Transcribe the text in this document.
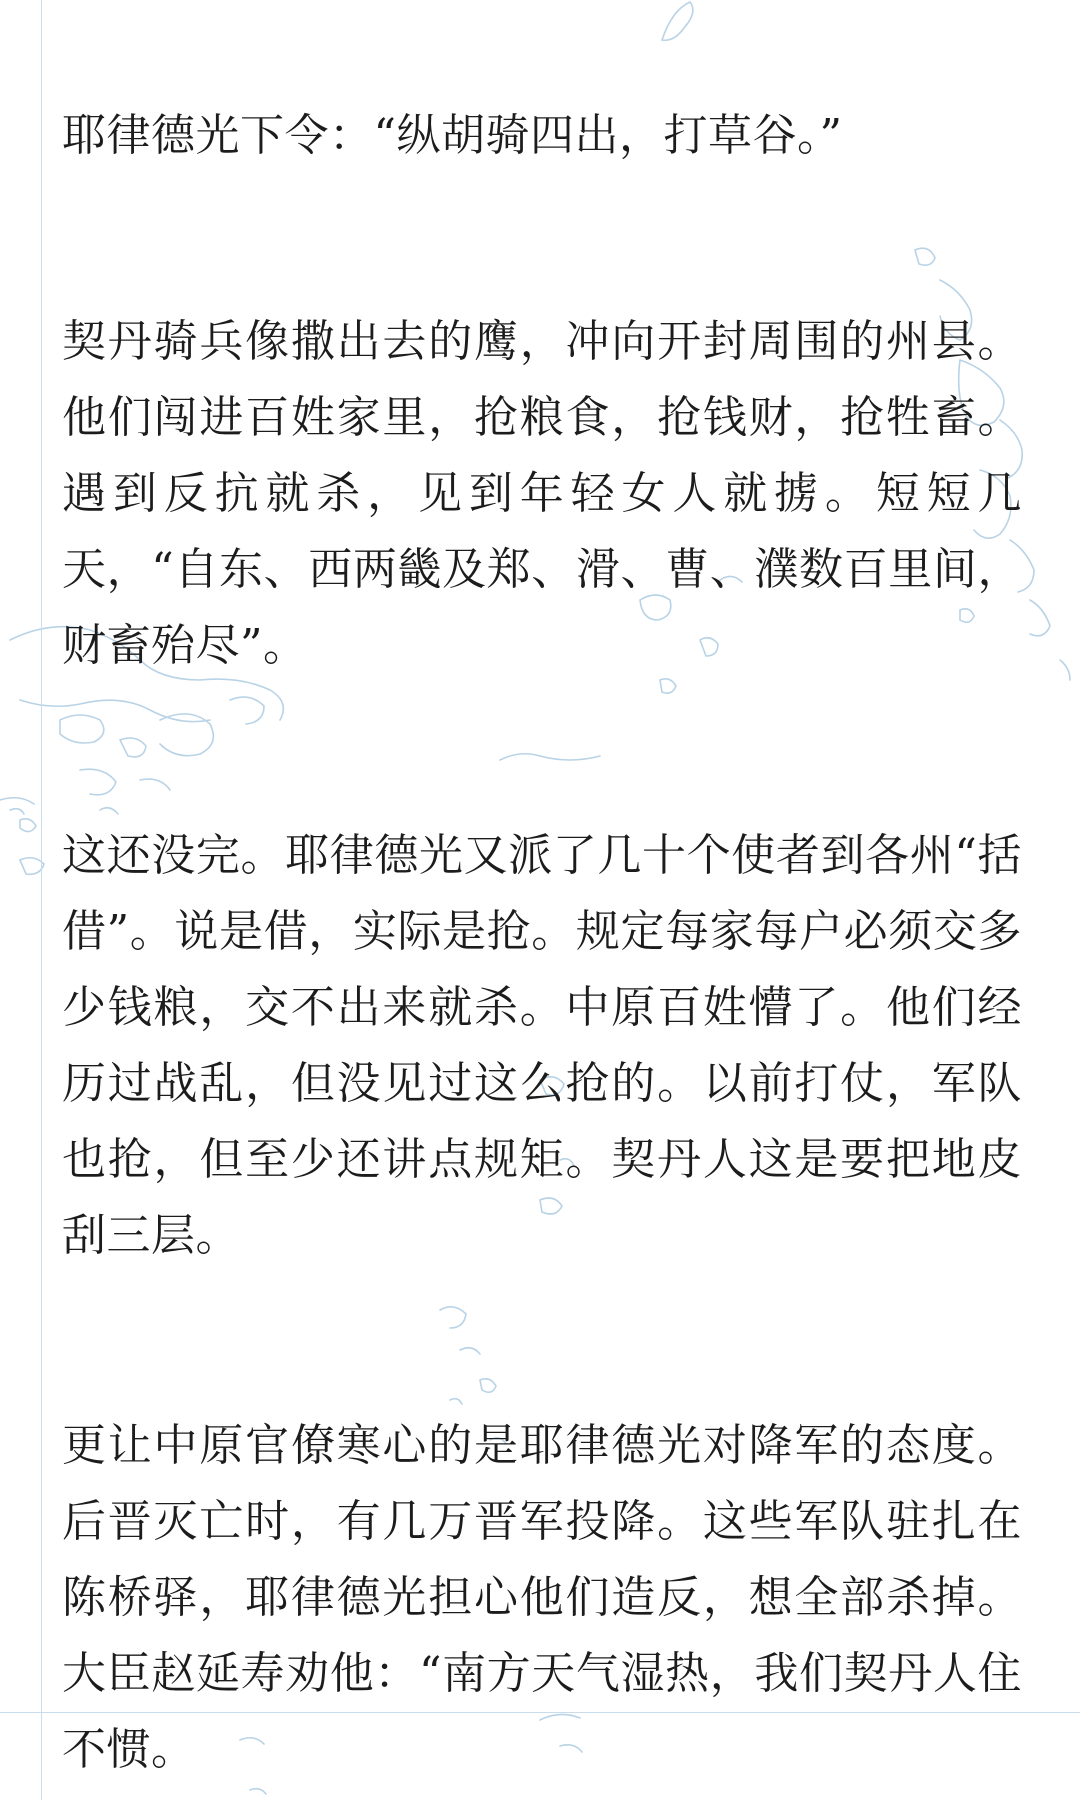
耶律德光下令：“纵胡骑四出，打草谷。”

契丹骑兵像撒出去的鹰，冲向开封周围的州县。他们闯进百姓家里，抢粮食，抢钱财，抢牲畜。遇到反抗就杀，见到年轻女人就掳。短短几天，“自东、西两畿及郑、滑、曹、濮数百里间，财畜殆尽”。

这还没完。耶律德光又派了几十个使者到各州“括借”。说是借，实际是抢。规定每家每户必须交多少钱粮，交不出来就杀。中原百姓懵了。他们经历过战乱，但没见过这么抢的。以前打仗，军队也抢，但至少还讲点规矩。契丹人这是要把地皮刮三层。

更让中原官僚寒心的是耶律德光对降军的态度。后晋灭亡时，有几万晋军投降。这些军队驻扎在陈桥驿，耶律德光担心他们造反，想全部杀掉。大臣赵延寿劝他：“南方天气湿热，我们契丹人住不惯。
